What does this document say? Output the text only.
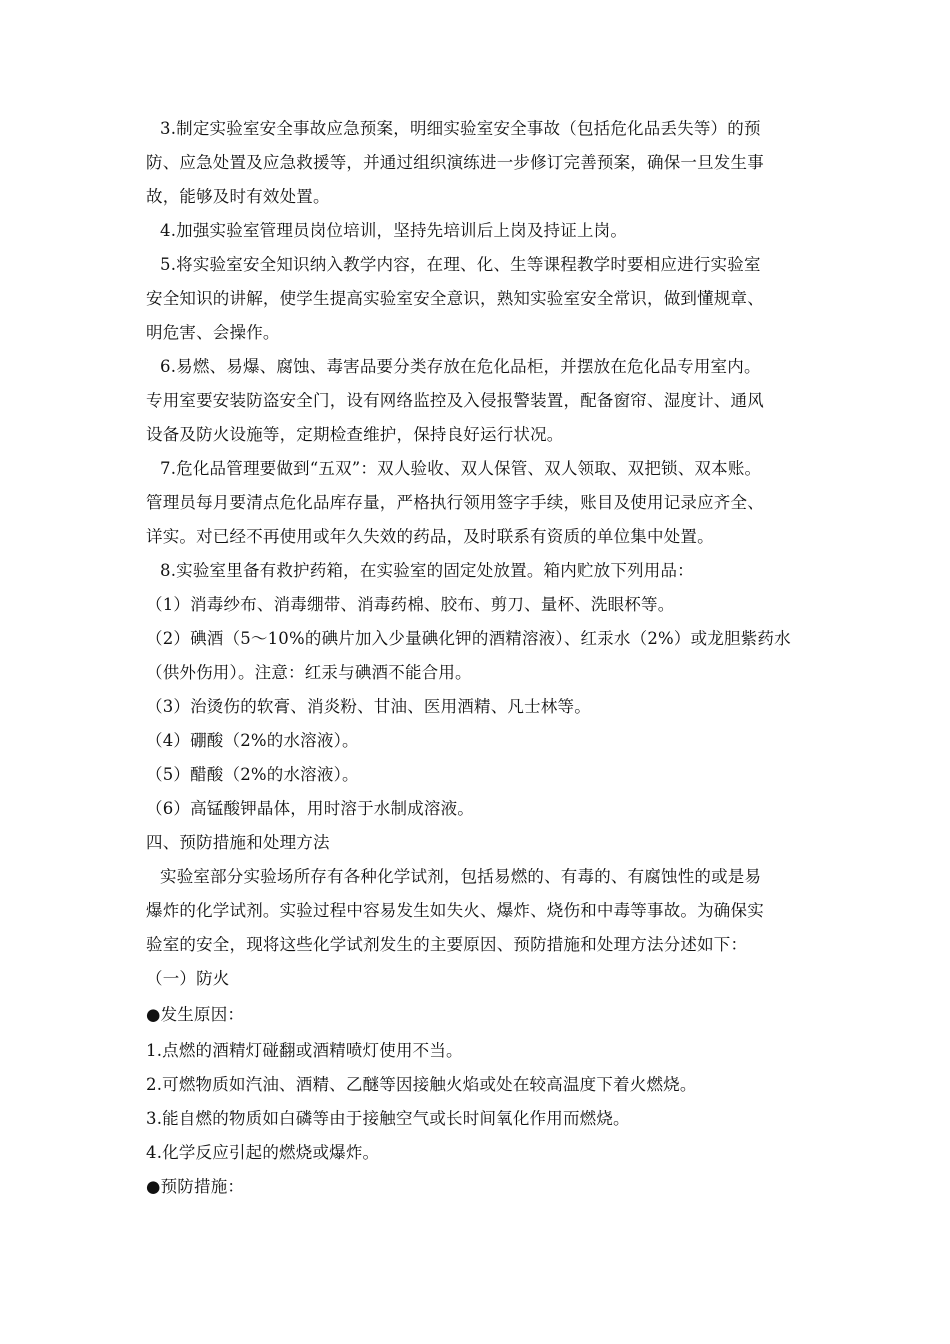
3.制定实验室安全事故应急预案，明细实验室安全事故（包括危化品丢失等）的预
防、应急处置及应急救援等，并通过组织演练进一步修订完善预案，确保一旦发生事
故，能够及时有效处置。
4.加强实验室管理员岗位培训，坚持先培训后上岗及持证上岗。
5.将实验室安全知识纳入教学内容，在理、化、生等课程教学时要相应进行实验室
安全知识的讲解，使学生提高实验室安全意识，熟知实验室安全常识，做到懂规章、
明危害、会操作。
6.易燃、易爆、腐蚀、毒害品要分类存放在危化品柜，并摆放在危化品专用室内。
专用室要安装防盗安全门，设有网络监控及入侵报警装置，配备窗帘、湿度计、通风
设备及防火设施等，定期检查维护，保持良好运行状况。
7.危化品管理要做到“五双”：双人验收、双人保管、双人领取、双把锁、双本账。
管理员每月要清点危化品库存量，严格执行领用签字手续，账目及使用记录应齐全、
详实。对已经不再使用或年久失效的药品，及时联系有资质的单位集中处置。
8.实验室里备有救护药箱，在实验室的固定处放置。箱内贮放下列用品：
（1）消毒纱布、消毒绷带、消毒药棉、胶布、剪刀、量杯、洗眼杯等。
（2）碘酒（5～10%的碘片加入少量碘化钾的酒精溶液）、红汞水（2%）或龙胆紫药水
（供外伤用）。注意：红汞与碘酒不能合用。
（3）治烫伤的软膏、消炎粉、甘油、医用酒精、凡士林等。
（4）硼酸（2%的水溶液）。
（5）醋酸（2%的水溶液）。
（6）高锰酸钾晶体，用时溶于水制成溶液。
四、预防措施和处理方法
实验室部分实验场所存有各种化学试剂，包括易燃的、有毒的、有腐蚀性的或是易
爆炸的化学试剂。实验过程中容易发生如失火、爆炸、烧伤和中毒等事故。为确保实
验室的安全，现将这些化学试剂发生的主要原因、预防措施和处理方法分述如下：
（一）防火
●发生原因：
1.点燃的酒精灯碰翻或酒精喷灯使用不当。
2.可燃物质如汽油、酒精、乙醚等因接触火焰或处在较高温度下着火燃烧。
3.能自燃的物质如白磷等由于接触空气或长时间氧化作用而燃烧。
4.化学反应引起的燃烧或爆炸。
●预防措施：
